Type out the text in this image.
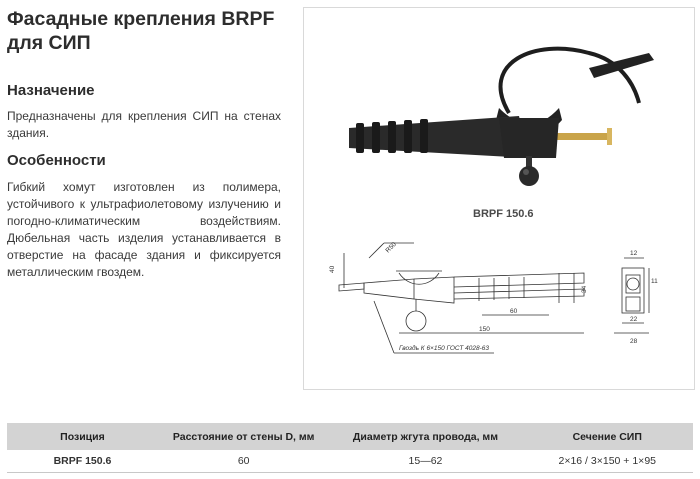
Фасадные крепления BRPF
для СИП
Назначение

Предназначены для крепления СИП на стенах здания.

Особенности

Гибкий хомут изготовлен из полимера, устойчивого к ультрафиолетовому излучению и погодно-климатическим воздействиям. Дюбельная часть изделия устанавливается в отверстие на фасаде здания и фиксируется металлическим гвоздем.

BRPF 150.6
40
R50
60
150
34
12
11
22
28
Гвоздь К 6×150 ГОСТ 4028-63
Позиция	Расстояние от стены D, мм	Диаметр жгута провода, мм	Сечение СИП
BRPF 150.6	60	15—62	2×16 / 3×150 + 1×95
